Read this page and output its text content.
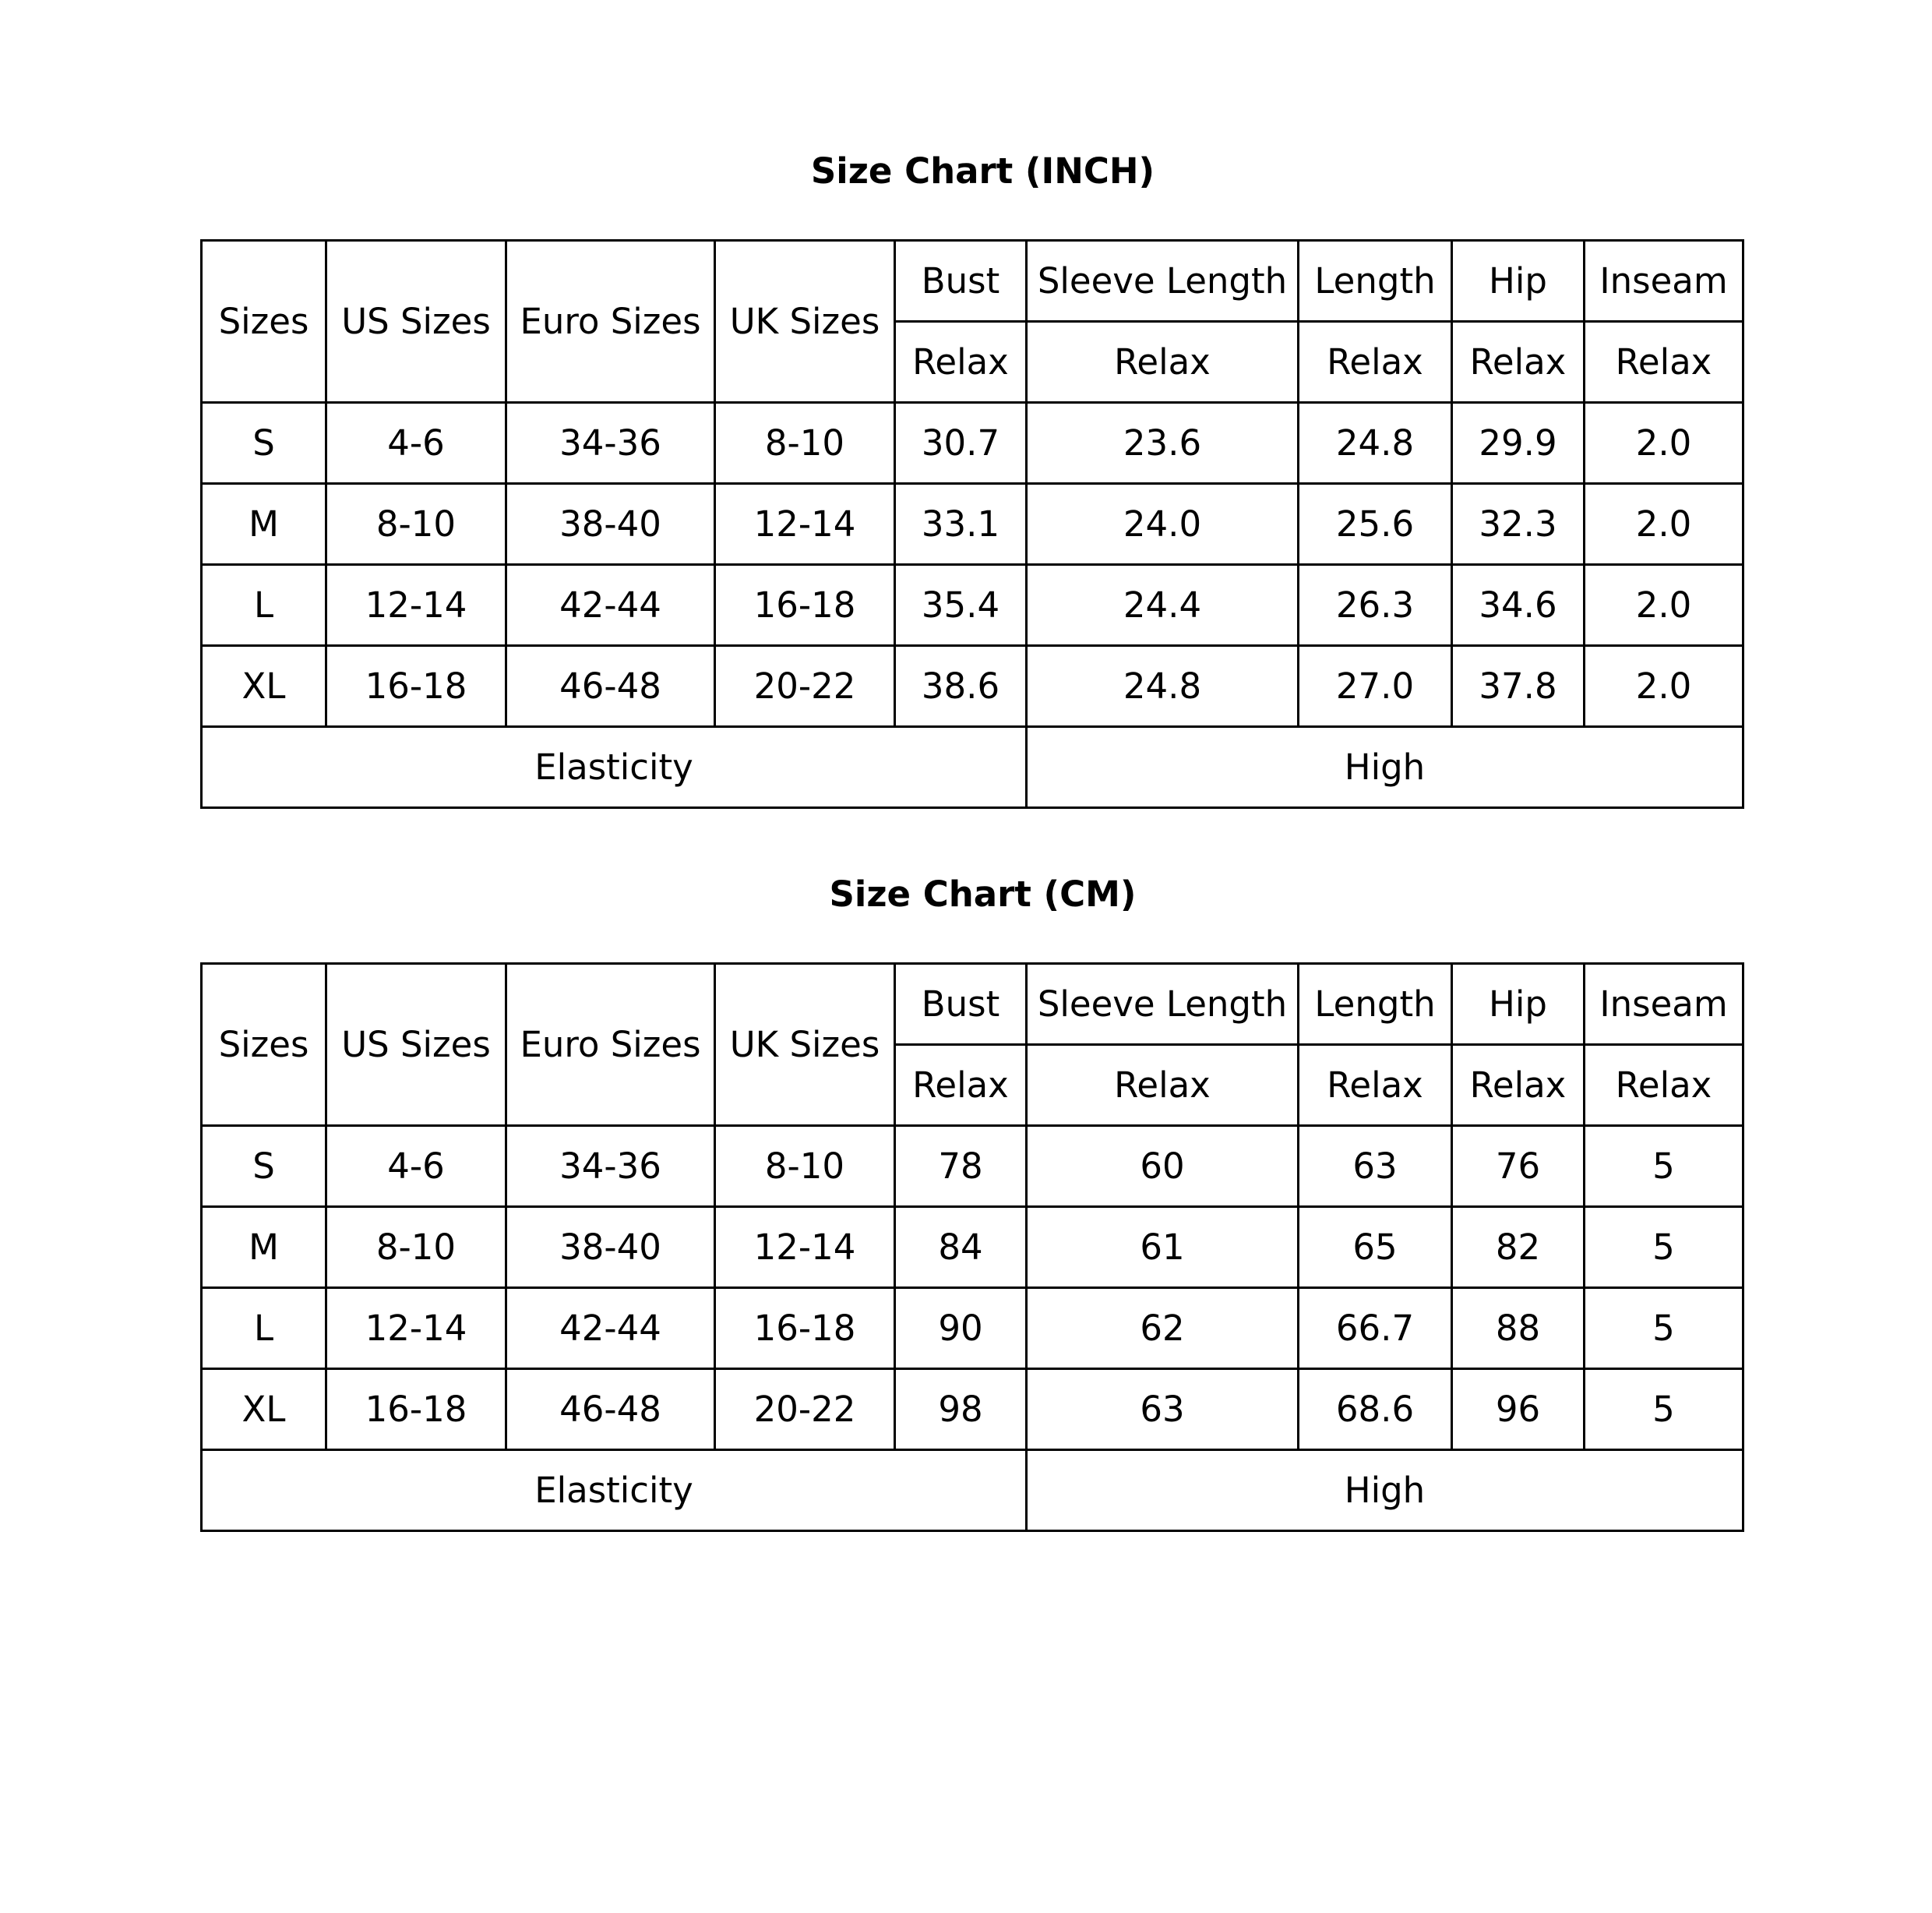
Size Chart (INCH)
Sizes	US Sizes	Euro Sizes	UK Sizes	Bust	Sleeve Length	Length	Hip	Inseam
				Relax	Relax	Relax	Relax	Relax
S	4-6	34-36	8-10	30.7	23.6	24.8	29.9	2.0
M	8-10	38-40	12-14	33.1	24.0	25.6	32.3	2.0
L	12-14	42-44	16-18	35.4	24.4	26.3	34.6	2.0
XL	16-18	46-48	20-22	38.6	24.8	27.0	37.8	2.0
Elasticity					High			
Size Chart (CM)
Sizes	US Sizes	Euro Sizes	UK Sizes	Bust	Sleeve Length	Length	Hip	Inseam
				Relax	Relax	Relax	Relax	Relax
S	4-6	34-36	8-10	78	60	63	76	5
M	8-10	38-40	12-14	84	61	65	82	5
L	12-14	42-44	16-18	90	62	66.7	88	5
XL	16-18	46-48	20-22	98	63	68.6	96	5
Elasticity					High			
